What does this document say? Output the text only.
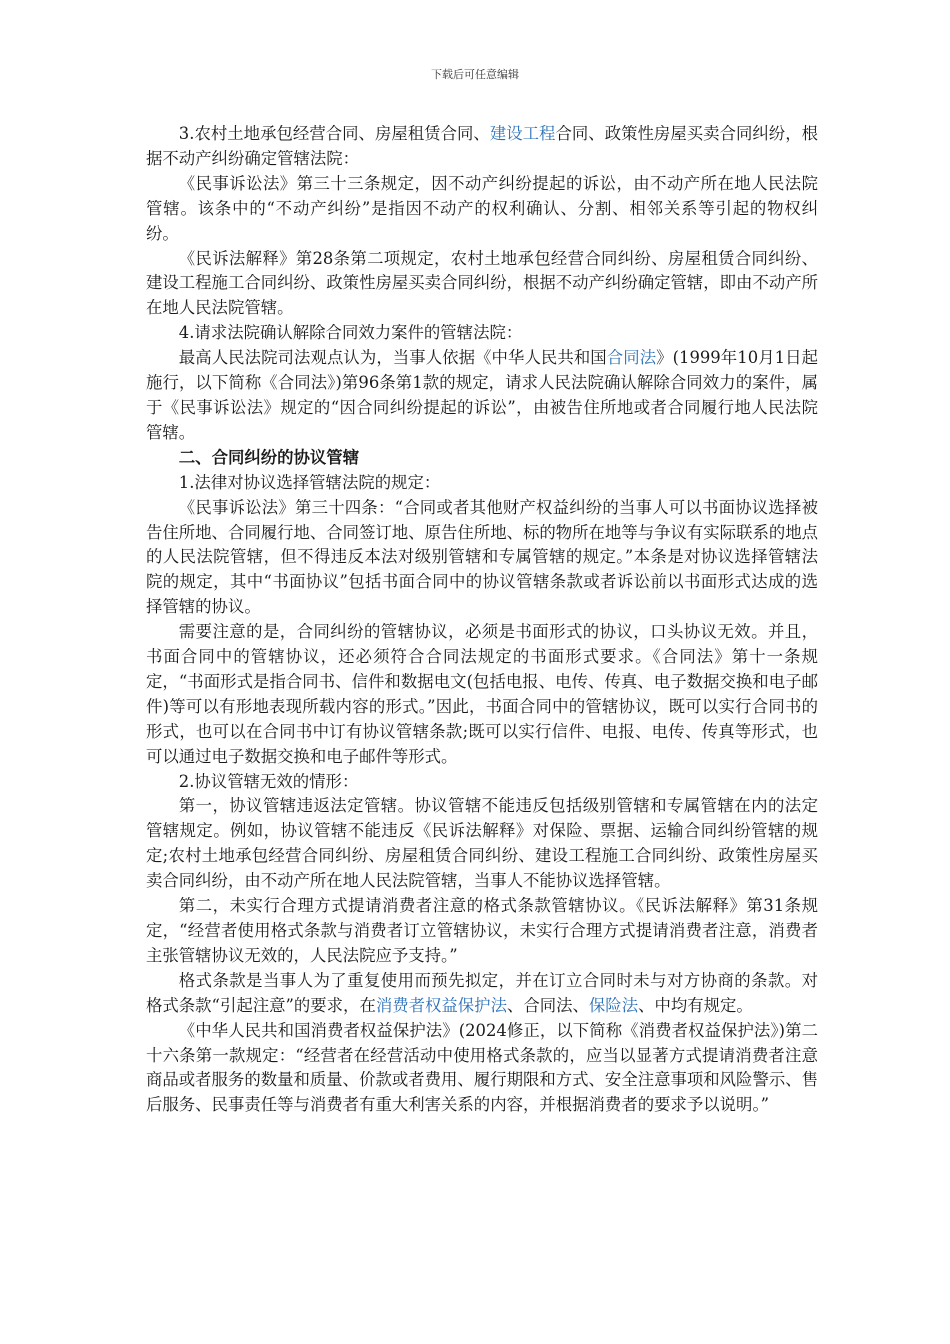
下载后可任意编辑

3.农村土地承包经营合同、房屋租赁合同、建设工程合同、政策性房屋买卖合同纠纷，根据不动产纠纷确定管辖法院：

《民事诉讼法》第三十三条规定，因不动产纠纷提起的诉讼，由不动产所在地人民法院管辖。该条中的“不动产纠纷”是指因不动产的权利确认、分割、相邻关系等引起的物权纠纷。

《民诉法解释》第28条第二项规定，农村土地承包经营合同纠纷、房屋租赁合同纠纷、建设工程施工合同纠纷、政策性房屋买卖合同纠纷，根据不动产纠纷确定管辖，即由不动产所在地人民法院管辖。

4.请求法院确认解除合同效力案件的管辖法院：

最高人民法院司法观点认为，当事人依据《中华人民共和国合同法》(1999年10月1日起施行，以下简称《合同法》)第96条第1款的规定，请求人民法院确认解除合同效力的案件，属于《民事诉讼法》规定的“因合同纠纷提起的诉讼”，由被告住所地或者合同履行地人民法院管辖。

二、合同纠纷的协议管辖

1.法律对协议选择管辖法院的规定：

《民事诉讼法》第三十四条：“合同或者其他财产权益纠纷的当事人可以书面协议选择被告住所地、合同履行地、合同签订地、原告住所地、标的物所在地等与争议有实际联系的地点的人民法院管辖，但不得违反本法对级别管辖和专属管辖的规定。”本条是对协议选择管辖法院的规定，其中“书面协议”包括书面合同中的协议管辖条款或者诉讼前以书面形式达成的选择管辖的协议。

需要注意的是，合同纠纷的管辖协议，必须是书面形式的协议，口头协议无效。并且，书面合同中的管辖协议，还必须符合合同法规定的书面形式要求。《合同法》第十一条规定，“书面形式是指合同书、信件和数据电文(包括电报、电传、传真、电子数据交换和电子邮件)等可以有形地表现所载内容的形式。”因此，书面合同中的管辖协议，既可以实行合同书的形式，也可以在合同书中订有协议管辖条款;既可以实行信件、电报、电传、传真等形式，也可以通过电子数据交换和电子邮件等形式。

2.协议管辖无效的情形：

第一，协议管辖违返法定管辖。协议管辖不能违反包括级别管辖和专属管辖在内的法定管辖规定。例如，协议管辖不能违反《民诉法解释》对保险、票据、运输合同纠纷管辖的规定;农村土地承包经营合同纠纷、房屋租赁合同纠纷、建设工程施工合同纠纷、政策性房屋买卖合同纠纷，由不动产所在地人民法院管辖，当事人不能协议选择管辖。

第二，未实行合理方式提请消费者注意的格式条款管辖协议。《民诉法解释》第31条规定，“经营者使用格式条款与消费者订立管辖协议，未实行合理方式提请消费者注意，消费者主张管辖协议无效的，人民法院应予支持。”

格式条款是当事人为了重复使用而预先拟定，并在订立合同时未与对方协商的条款。对格式条款“引起注意”的要求，在消费者权益保护法、合同法、保险法、中均有规定。

《中华人民共和国消费者权益保护法》(2024修正，以下简称《消费者权益保护法》)第二十六条第一款规定：“经营者在经营活动中使用格式条款的，应当以显著方式提请消费者注意商品或者服务的数量和质量、价款或者费用、履行期限和方式、安全注意事项和风险警示、售后服务、民事责任等与消费者有重大利害关系的内容，并根据消费者的要求予以说明。”
